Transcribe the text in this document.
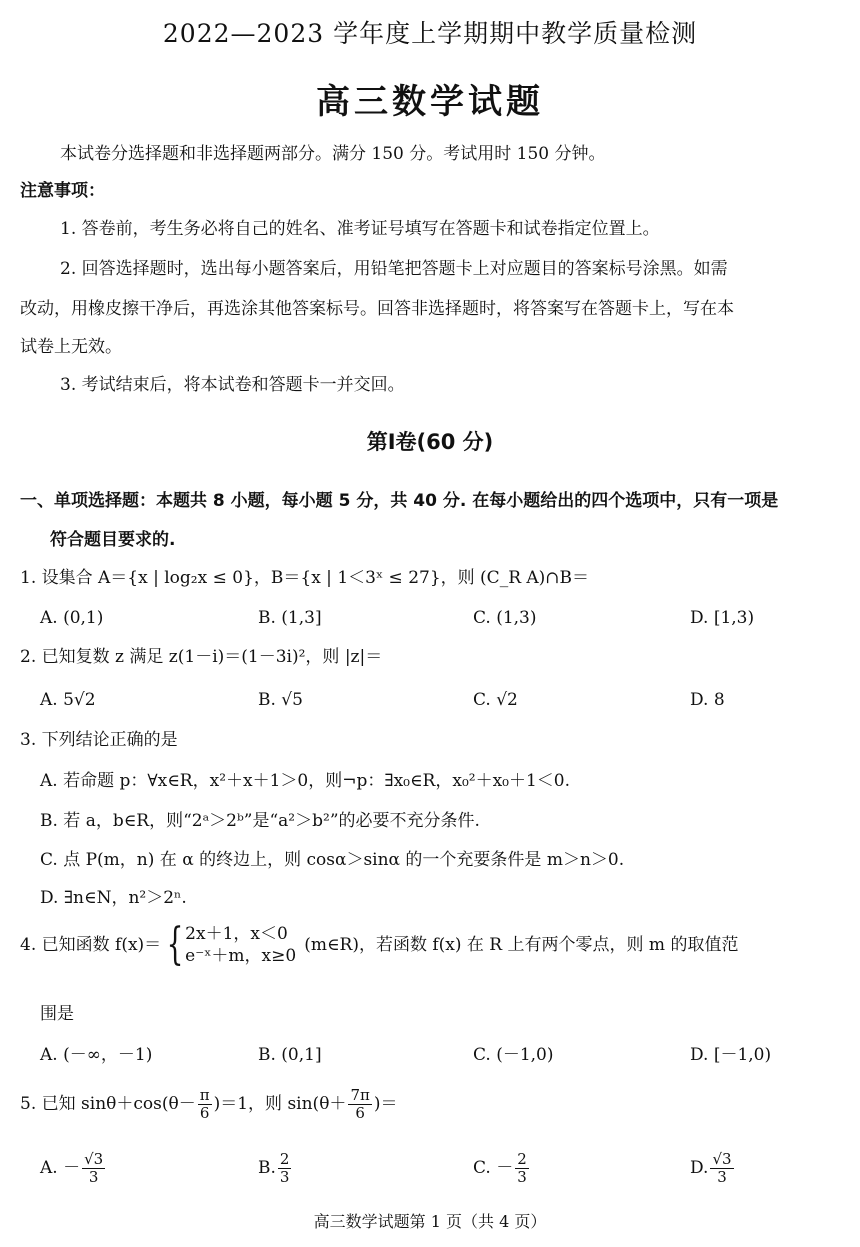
2022—2023 学年度上学期期中教学质量检测
高三数学试题
本试卷分选择题和非选择题两部分。满分 150 分。考试用时 150 分钟。
注意事项：
1. 答卷前，考生务必将自己的姓名、准考证号填写在答题卡和试卷指定位置上。
2. 回答选择题时，选出每小题答案后，用铅笔把答题卡上对应题目的答案标号涂黑。如需
改动，用橡皮擦干净后，再选涂其他答案标号。回答非选择题时，将答案写在答题卡上，写在本
试卷上无效。
3. 考试结束后，将本试卷和答题卡一并交回。
第Ⅰ卷(60 分)
一、单项选择题：本题共 8 小题，每小题 5 分，共 40 分. 在每小题给出的四个选项中，只有一项是
符合题目要求的.
1. 设集合 A＝{x | log₂x ≤ 0}，B＝{x | 1＜3ˣ ≤ 27}，则 (C_R A)∩B＝
A. (0,1)	B. (1,3]	C. (1,3)	D. [1,3)
2. 已知复数 z 满足 z(1－i)＝(1－3i)²，则 |z|＝
A. 5√2	B. √5	C. √2	D. 8
3. 下列结论正确的是
A. 若命题 p：∀x∈R，x²＋x＋1＞0，则¬p：∃x₀∈R，x₀²＋x₀＋1＜0.
B. 若 a，b∈R，则“2ᵃ＞2ᵇ”是“a²＞b²”的必要不充分条件.
C. 点 P(m，n) 在 α 的终边上，则 cosα＞sinα 的一个充要条件是 m＞n＞0.
D. ∃n∈N，n²＞2ⁿ.
4. 已知函数 f(x)＝ { 2x＋1，x＜0
e⁻ˣ＋m，x≥0
(m∈R)，若函数 f(x) 在 R 上有两个零点，则 m 的取值范
围是
A. (－∞，－1)	B. (0,1]	C. (－1,0)	D. [－1,0)
5. 已知 $\sin\theta+\cos(\theta- \frac{\pi}{6} )=1$，则 $\sin(\theta+ \frac{7\pi}{6}$ )＝
A. － $\frac{√3}{3}$	B. $\frac{2}{3}$	C. － $\frac{2}{3}$	D. $\frac{√3}{3}$
高三数学试题第 1 页（共 4 页）
